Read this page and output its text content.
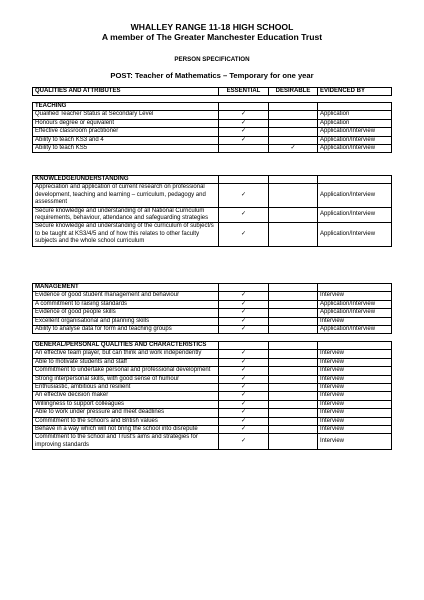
WHALLEY RANGE 11-18 HIGH SCHOOL
A member of The Greater Manchester Education Trust
PERSON SPECIFICATION
POST: Teacher of Mathematics – Temporary for one year
QUALITIES AND ATTRIBUTES	ESSENTIAL	DESIRABLE	EVIDENCED BY
TEACHING			
Qualified Teacher Status at Secondary Level	✓		Application
Honours degree or equivalent	✓		Application
Effective classroom practitioner	✓		Application/Interview
Ability to teach KS3 and 4	✓		Application/Interview
Ability to teach KS5		✓	Application/Interview
KNOWLEDGE/UNDERSTANDING			
Appreciation and application of current research on professional development, teaching and learning – curriculum, pedagogy and assessment	✓		Application/Interview
Secure knowledge and understanding of all National Curriculum requirements, behaviour, attendance and safeguarding strategies	✓		Application/Interview
Secure knowledge and understanding of the curriculum of subject/s to be taught at KS3/4/5 and of how this relates to other faculty subjects and the whole school curriculum	✓		Application/Interview
MANAGEMENT			
Evidence of good student management and behaviour	✓		Interview
A commitment to raising standards	✓		Application/Interview
Evidence of good people skills	✓		Application/Interview
Excellent organisational and planning skills	✓		Interview
Ability to analyse data for form and teaching groups	✓		Application/Interview
GENERAL/PERSONAL QUALITIES AND CHARACTERISTICS			
An effective team player, but can think and work independently	✓		Interview
Able to motivate students and staff	✓		Interview
Commitment to undertake personal and professional development	✓		Interview
Strong interpersonal skills, with good sense of humour	✓		Interview
Enthusiastic, ambitious and resilient	✓		Interview
An effective decision maker	✓		Interview
Willingness to support colleagues	✓		Interview
Able to work under pressure and meet deadlines	✓		Interview
Commitment to the school's and British values	✓		Interview
Behave in a way which will not bring the school into disrepute	✓		Interview
Commitment to the school and Trust's aims and strategies for improving standards	✓		Interview
